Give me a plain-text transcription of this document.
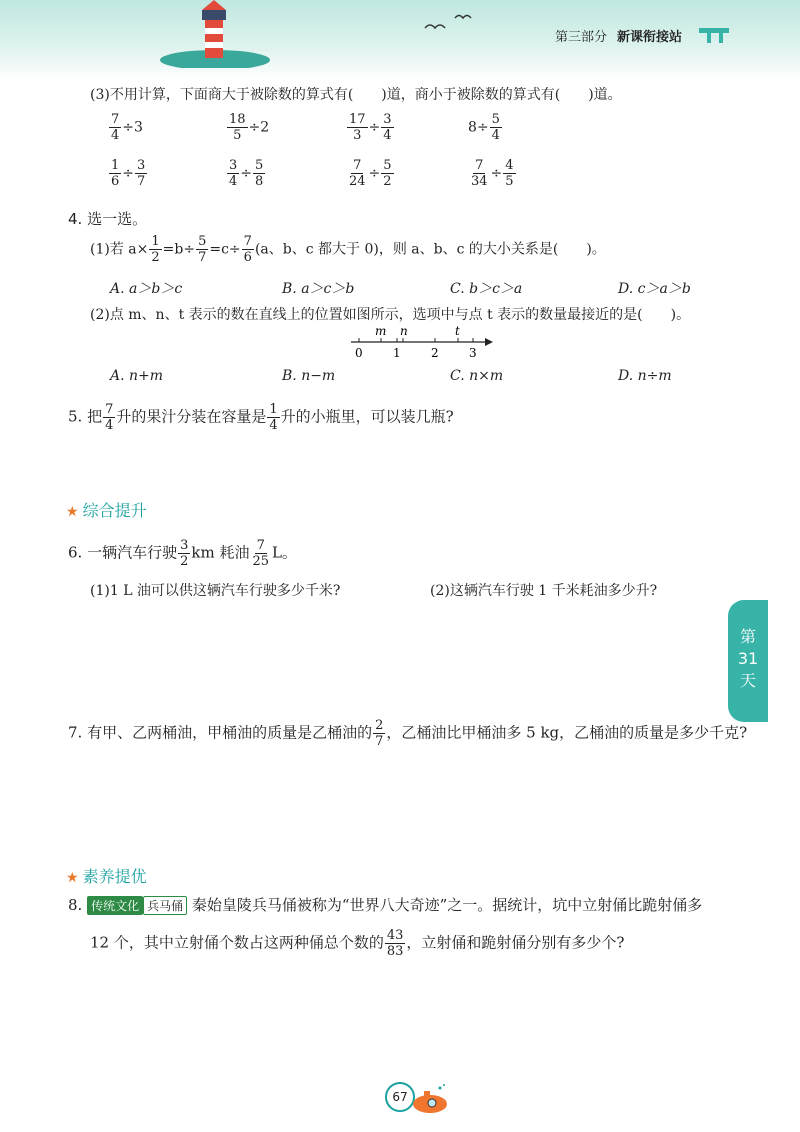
第三部分 新课衔接站
第
31
天
(3)不用计算，下面商大于被除数的算式有(　　)道，商小于被除数的算式有(　　)道。
$\frac{7}{4} \div 3$	$\frac{18}{5} \div 2$	$\frac{17}{3} \div \frac{3}{4}$	$8\div \frac{5}{4}$
$\frac{1}{6} \div \frac{3}{7}$	$\frac{3}{4} \div \frac{5}{8}$	$\frac{7}{24} \div \frac{5}{2}$	$\frac{7}{34} \div \frac{4}{5}$
4. 选一选。
(1)若 $a\times \frac{1}{2} =b\div \frac{5}{7} =c\div \frac{7}{6} (a$、b、c 都大于 0)，则 a、b、c 的大小关系是(　　)。
A. a＞b＞c	B. a＞c＞b	C. b＞c＞a	D. c＞a＞b
(2)点 m、n、t 表示的数在直线上的位置如图所示，选项中与点 t 表示的数量最接近的是(　　)。
m n	t
0	1	2	3
A. n+m	B. n−m	C. n×m	D. n÷m
5. 把 $\frac{7}{4}$ 升的果汁分装在容量是 $\frac{1}{4}$ 升的小瓶里，可以装几瓶?
★ 综合提升
6. 一辆汽车行驶 $\frac{3}{2}$ km 耗油 $\frac{7}{25}$ L。
(1)1 L 油可以供这辆汽车行驶多少千米?	(2)这辆汽车行驶 1 千米耗油多少升?
7. 有甲、乙两桶油，甲桶油的质量是乙桶油的 $\frac{2}{7}$ ，乙桶油比甲桶油多 5 kg，乙桶油的质量是多少千克?
★ 素养提优
8. 传统文化 兵马俑 秦始皇陵兵马俑被称为“世界八大奇迹”之一。据统计，坑中立射俑比跪射俑多
12 个，其中立射俑个数占这两种俑总个数的 $\frac{43}{83}$ ，立射俑和跪射俑分别有多少个?
67
